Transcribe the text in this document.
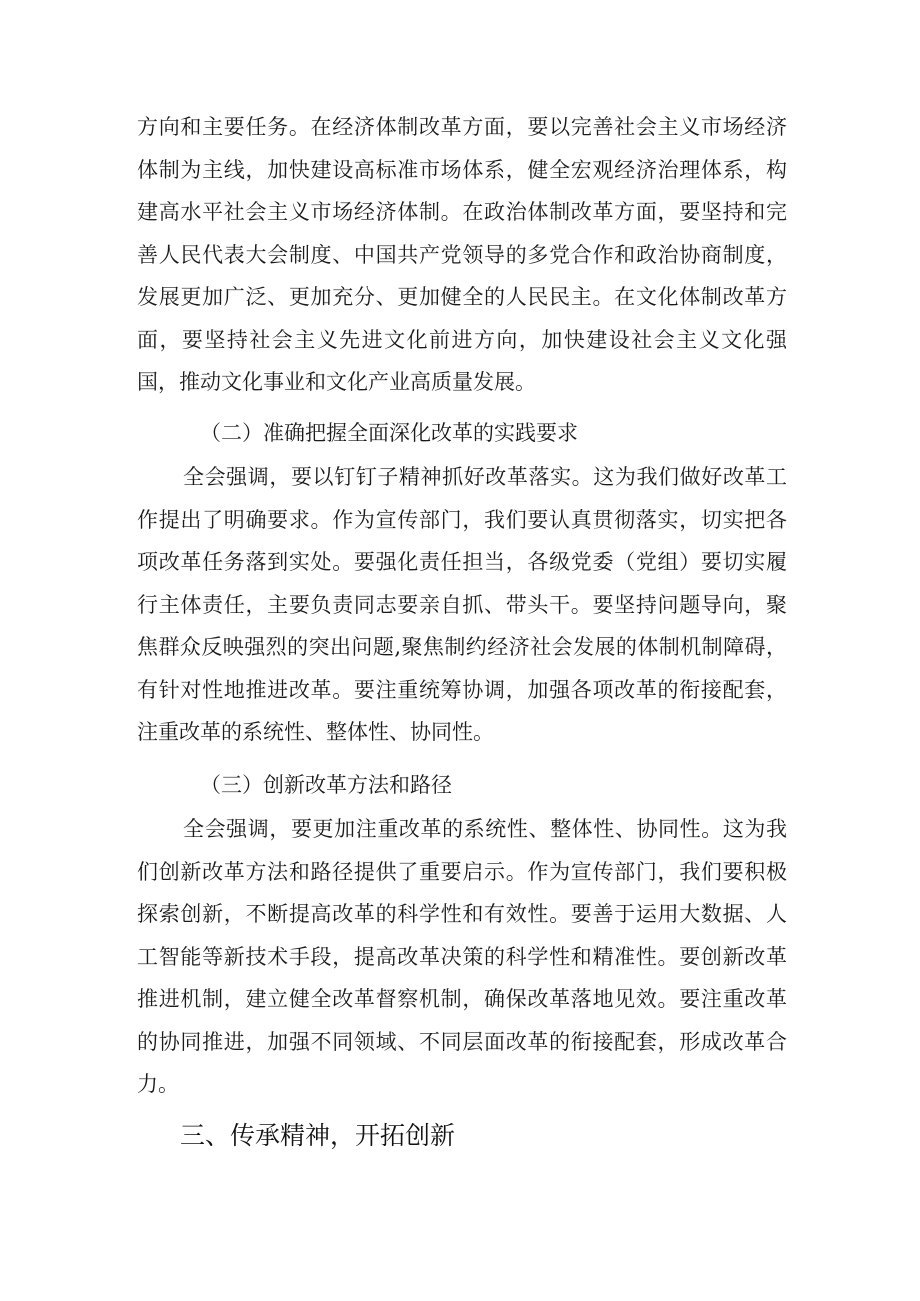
方向和主要任务。在经济体制改革方面，要以完善社会主义市场经济体制为主线，加快建设高标准市场体系，健全宏观经济治理体系，构建高水平社会主义市场经济体制。在政治体制改革方面，要坚持和完善人民代表大会制度、中国共产党领导的多党合作和政治协商制度，发展更加广泛、更加充分、更加健全的人民民主。在文化体制改革方面，要坚持社会主义先进文化前进方向，加快建设社会主义文化强国，推动文化事业和文化产业高质量发展。

（二）准确把握全面深化改革的实践要求

全会强调，要以钉钉子精神抓好改革落实。这为我们做好改革工作提出了明确要求。作为宣传部门，我们要认真贯彻落实，切实把各项改革任务落到实处。要强化责任担当，各级党委（党组）要切实履行主体责任，主要负责同志要亲自抓、带头干。要坚持问题导向，聚焦群众反映强烈的突出问题,聚焦制约经济社会发展的体制机制障碍，有针对性地推进改革。要注重统筹协调，加强各项改革的衔接配套，注重改革的系统性、整体性、协同性。

（三）创新改革方法和路径

全会强调，要更加注重改革的系统性、整体性、协同性。这为我们创新改革方法和路径提供了重要启示。作为宣传部门，我们要积极探索创新，不断提高改革的科学性和有效性。要善于运用大数据、人工智能等新技术手段，提高改革决策的科学性和精准性。要创新改革推进机制，建立健全改革督察机制，确保改革落地见效。要注重改革的协同推进，加强不同领域、不同层面改革的衔接配套，形成改革合力。

三、传承精神，开拓创新
